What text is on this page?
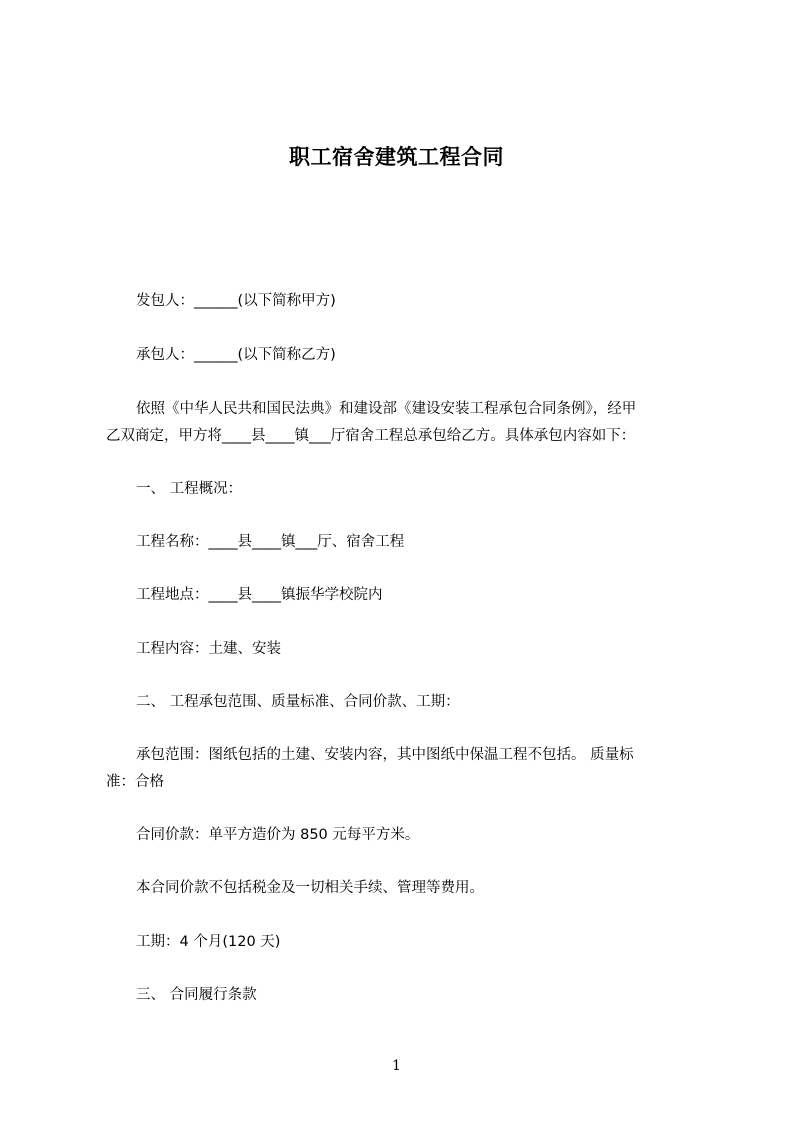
职工宿舍建筑工程合同
发包人：______(以下简称甲方)
承包人：______(以下简称乙方)
依照《中华人民共和国民法典》和建设部《建设安装工程承包合同条例》，经甲
乙双商定，甲方将____县____镇___厅宿舍工程总承包给乙方。具体承包内容如下：
一、 工程概况：
工程名称：____县____镇___厅、宿舍工程
工程地点：____县____镇振华学校院内
工程内容：土建、安装
二、 工程承包范围、质量标准、合同价款、工期：
承包范围：图纸包括的土建、安装内容，其中图纸中保温工程不包括。 质量标
准：合格
合同价款：单平方造价为 850 元每平方米。
本合同价款不包括税金及一切相关手续、管理等费用。
工期：4 个月(120 天)
三、 合同履行条款
1
